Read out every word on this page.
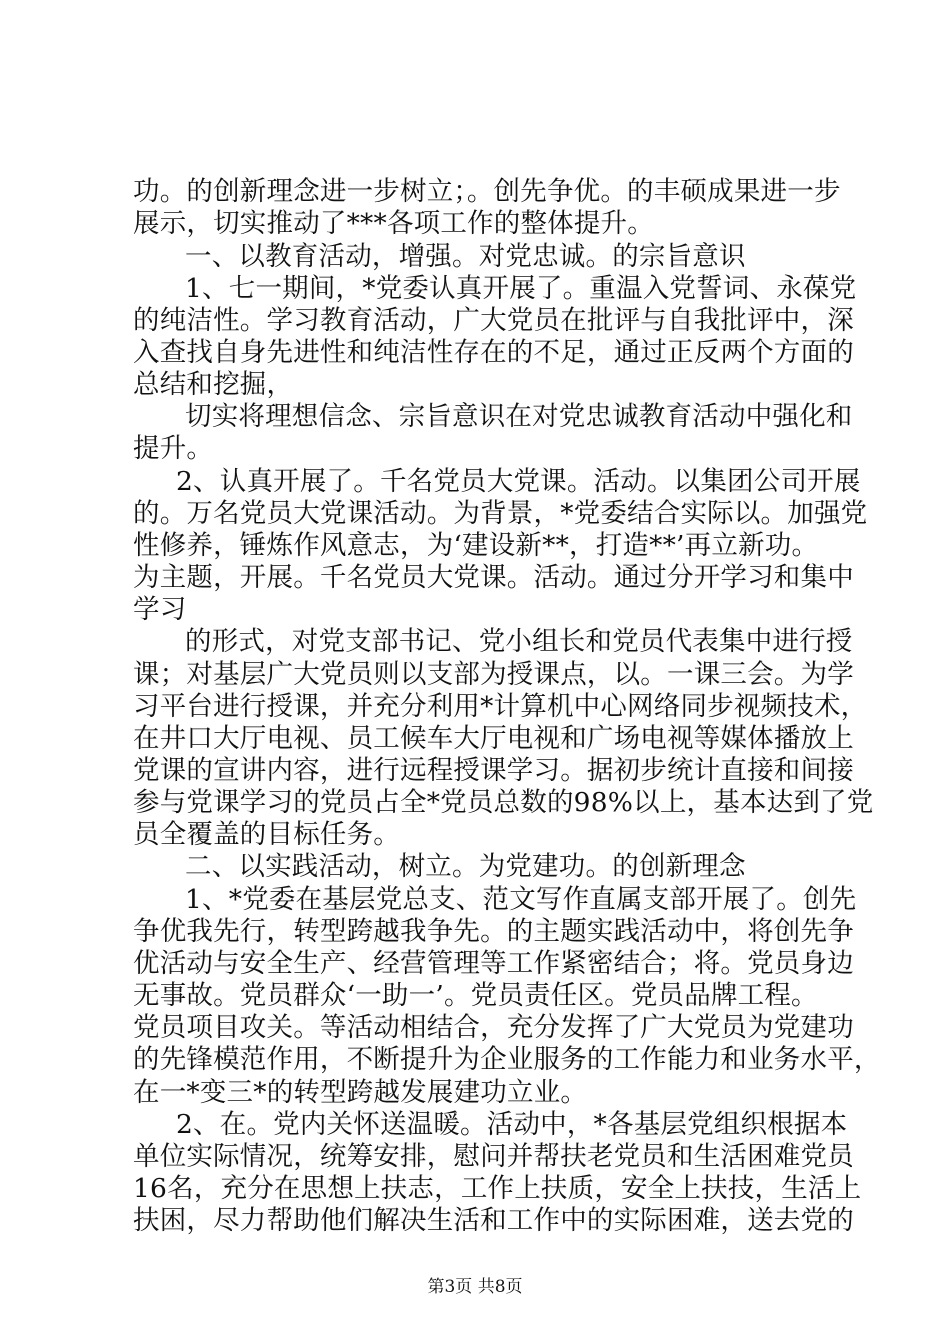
功。的创新理念进一步树立；。创先争优。的丰硕成果进一步
展示，切实推动了***各项工作的整体提升。
一、以教育活动，增强。对党忠诚。的宗旨意识
1、七一期间，*党委认真开展了。重温入党誓词、永葆党
的纯洁性。学习教育活动，广大党员在批评与自我批评中，深
入查找自身先进性和纯洁性存在的不足，通过正反两个方面的
总结和挖掘，
切实将理想信念、宗旨意识在对党忠诚教育活动中强化和
提升。
2、认真开展了。千名党员大党课。活动。以集团公司开展
的。万名党员大党课活动。为背景，*党委结合实际以。加强党
性修养，锤炼作风意志，为‘建设新**，打造**’再立新功。
为主题，开展。千名党员大党课。活动。通过分开学习和集中
学习
的形式，对党支部书记、党小组长和党员代表集中进行授
课；对基层广大党员则以支部为授课点，以。一课三会。为学
习平台进行授课，并充分利用*计算机中心网络同步视频技术，
在井口大厅电视、员工候车大厅电视和广场电视等媒体播放上
党课的宣讲内容，进行远程授课学习。据初步统计直接和间接
参与党课学习的党员占全*党员总数的98%以上，基本达到了党
员全覆盖的目标任务。
二、以实践活动，树立。为党建功。的创新理念
1、*党委在基层党总支、范文写作直属支部开展了。创先
争优我先行，转型跨越我争先。的主题实践活动中，将创先争
优活动与安全生产、经营管理等工作紧密结合；将。党员身边
无事故。党员群众‘一助一’。党员责任区。党员品牌工程。
党员项目攻关。等活动相结合，充分发挥了广大党员为党建功
的先锋模范作用，不断提升为企业服务的工作能力和业务水平，
在一*变三*的转型跨越发展建功立业。
2、在。党内关怀送温暖。活动中，*各基层党组织根据本
单位实际情况，统筹安排，慰问并帮扶老党员和生活困难党员
16名，充分在思想上扶志，工作上扶质，安全上扶技，生活上
扶困，尽力帮助他们解决生活和工作中的实际困难，送去党的
第3页 共8页
